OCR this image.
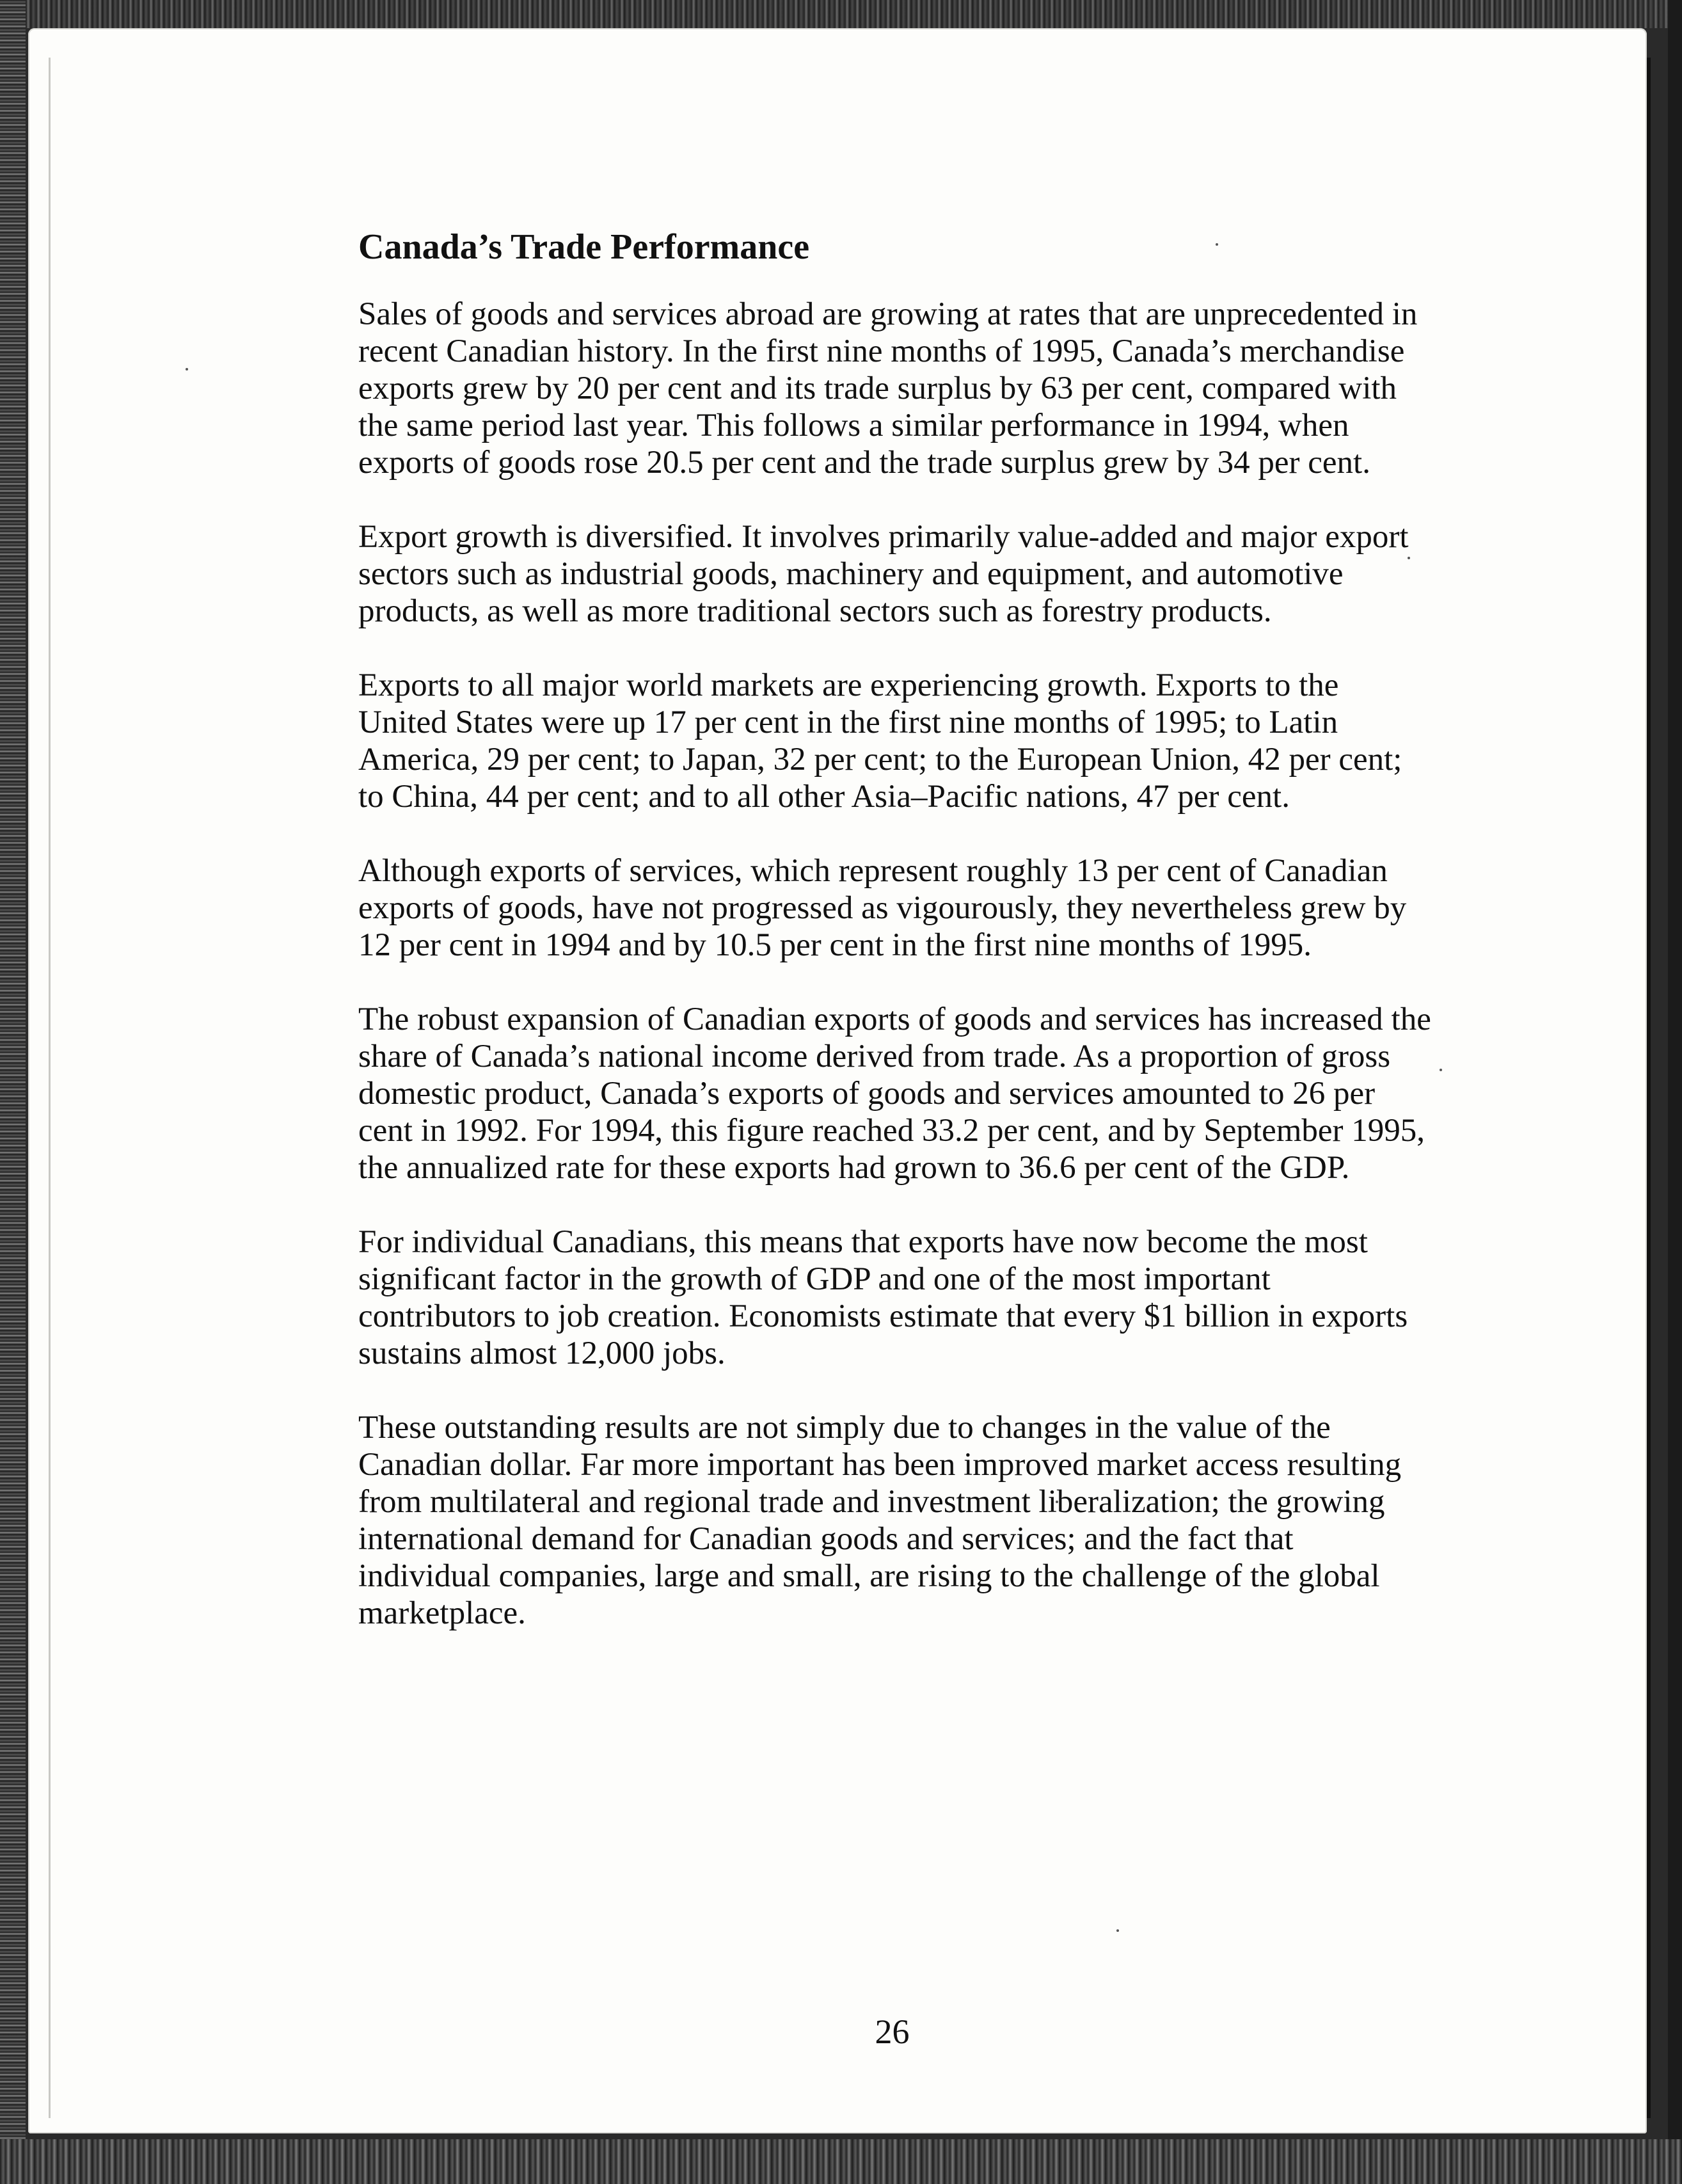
Canada’s Trade Performance

Sales of goods and services abroad are growing at rates that are unprecedented in recent Canadian history. In the first nine months of 1995, Canada’s merchandise exports grew by 20 per cent and its trade surplus by 63 per cent, compared with the same period last year. This follows a similar performance in 1994, when exports of goods rose 20.5 per cent and the trade surplus grew by 34 per cent.

Export growth is diversified. It involves primarily value-added and major export sectors such as industrial goods, machinery and equipment, and automotive products, as well as more traditional sectors such as forestry products.

Exports to all major world markets are experiencing growth. Exports to the United States were up 17 per cent in the first nine months of 1995; to Latin America, 29 per cent; to Japan, 32 per cent; to the European Union, 42 per cent; to China, 44 per cent; and to all other Asia–Pacific nations, 47 per cent.

Although exports of services, which represent roughly 13 per cent of Canadian exports of goods, have not progressed as vigourously, they nevertheless grew by 12 per cent in 1994 and by 10.5 per cent in the first nine months of 1995.

The robust expansion of Canadian exports of goods and services has increased the share of Canada’s national income derived from trade. As a proportion of gross domestic product, Canada’s exports of goods and services amounted to 26 per cent in 1992. For 1994, this figure reached 33.2 per cent, and by September 1995, the annualized rate for these exports had grown to 36.6 per cent of the GDP.

For individual Canadians, this means that exports have now become the most significant factor in the growth of GDP and one of the most important contributors to job creation. Economists estimate that every $1 billion in exports sustains almost 12,000 jobs.

These outstanding results are not simply due to changes in the value of the Canadian dollar. Far more important has been improved market access resulting from multilateral and regional trade and investment liberalization; the growing international demand for Canadian goods and services; and the fact that individual companies, large and small, are rising to the challenge of the global marketplace.

26
